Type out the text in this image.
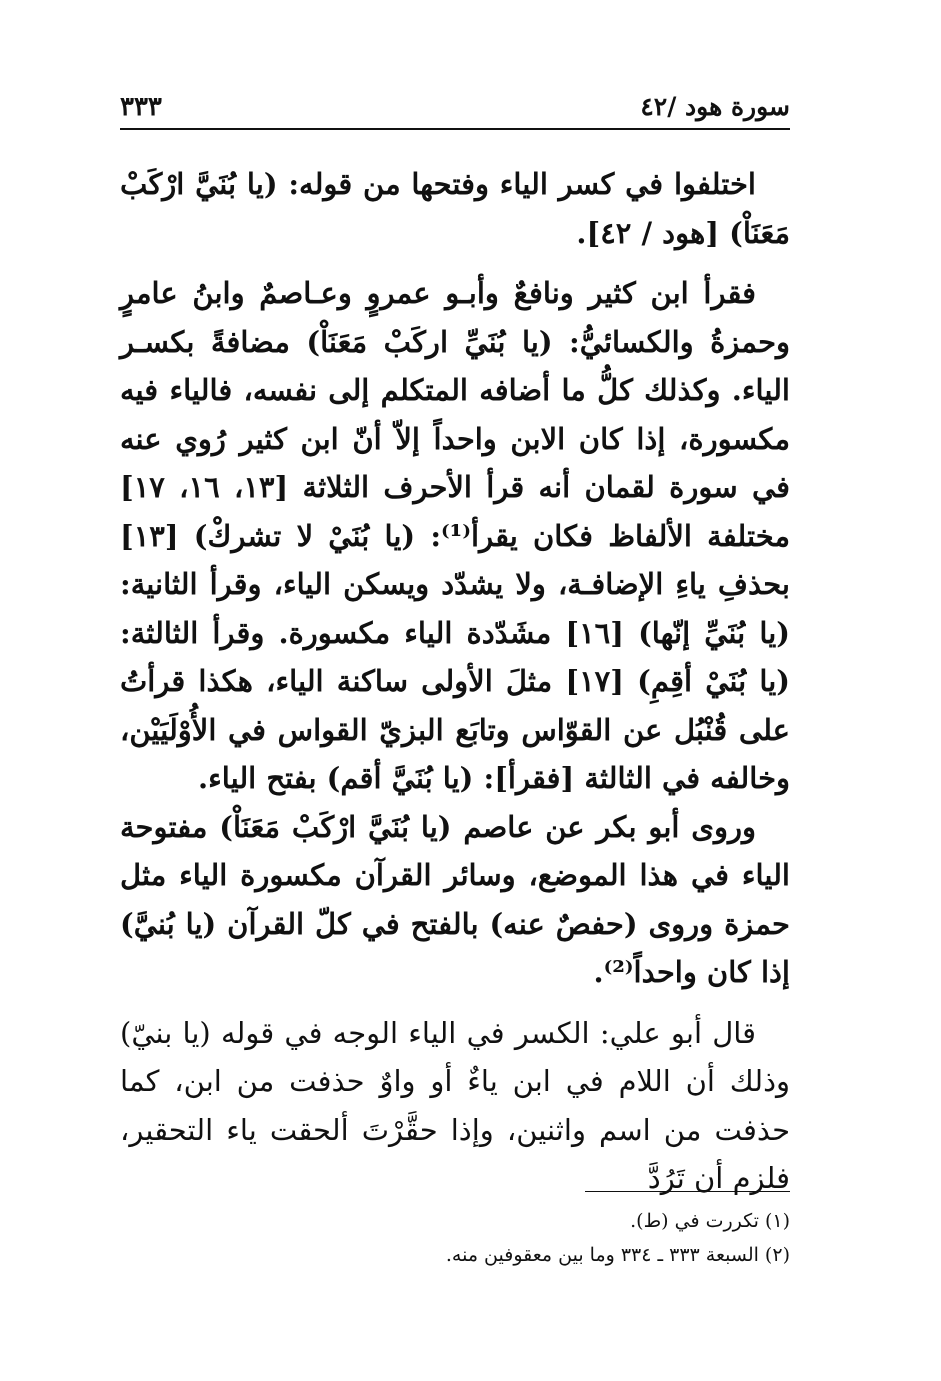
سورة هود /٤٢
٣٣٣

اختلفوا في كسر الياء وفتحها من قوله: (يا بُنَيَّ ارْكَبْ مَعَنَاْ) [هود / ٤٢].

فقرأ ابن كثير ونافعٌ وأبـو عمروٍ وعـاصمٌ وابنُ عامرٍ وحمزةُ والكسائيُّ: (يا بُنَيِّ اركَبْ مَعَنَاْ) مضافةً بكسـر الياء. وكذلك كلُّ ما أضافه المتكلم إلى نفسه، فالياء فيه مكسورة، إذا كان الابن واحداً إلاّ أنّ ابن كثير رُوي عنه في سورة لقمان أنه قرأ الأحرف الثلاثة [١٣، ١٦، ١٧] مختلفة الألفاظ فكان يقرأ⁽¹⁾: (يا بُنَيْ لا تشركْ) [١٣] بحذفِ ياءِ الإضافـة، ولا يشدّد ويسكن الياء، وقرأ الثانية: (يا بُنَيِّ إنّها) [١٦] مشَدّدة الياء مكسورة. وقرأ الثالثة: (يا بُنَيْ أقِمِ) [١٧] مثلَ الأولى ساكنة الياء، هكذا قرأتُ على قُنْبُل عن القوّاس وتابَع البزيّ القواس في الأُوْلَيَيْن، وخالفه في الثالثة [فقرأ]: (يا بُنَيَّ أقم) بفتح الياء.

وروى أبو بكر عن عاصم (يا بُنَيَّ ارْكَبْ مَعَنَاْ) مفتوحة الياء في هذا الموضع، وسائر القرآن مكسورة الياء مثل حمزة وروى (حفصٌ عنه) بالفتح في كلّ القرآن (يا بُنيَّ) إذا كان واحداً⁽²⁾.

قال أبو علي: الكسر في الياء الوجه في قوله (يا بنيّ) وذلك أن اللام في ابن ياءٌ أو واوٌ حذفت من ابن، كما حذفت من اسم واثنين، وإذا حقَّرْتَ ألحقت ياء التحقير، فلزم أن تَرُدَّ

(١) تكررت في (ط).
(٢) السبعة ٣٣٣ ـ ٣٣٤ وما بين معقوفين منه.
